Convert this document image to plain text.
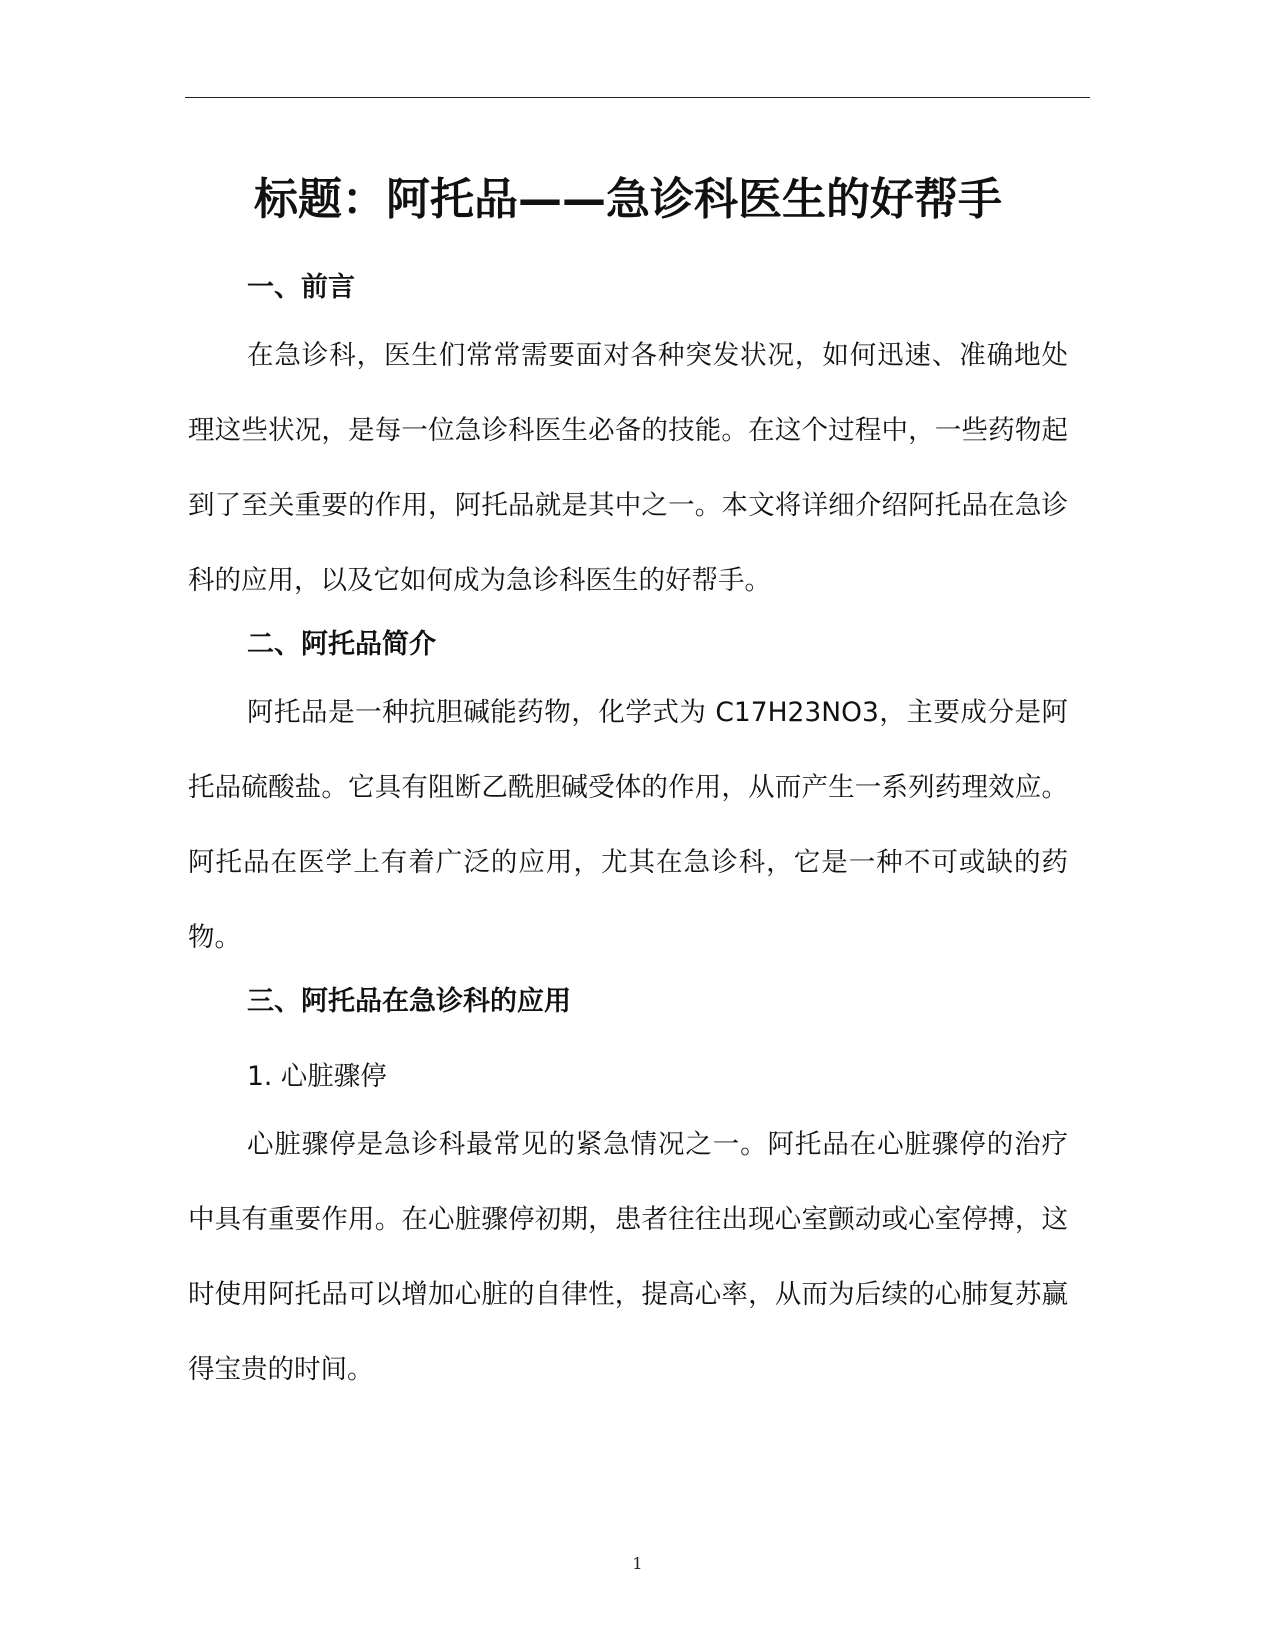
标题：阿托品——急诊科医生的好帮手
一、前言

在急诊科，医生们常常需要面对各种突发状况，如何迅速、准确地处理这些状况，是每一位急诊科医生必备的技能。在这个过程中，一些药物起到了至关重要的作用，阿托品就是其中之一。本文将详细介绍阿托品在急诊科的应用，以及它如何成为急诊科医生的好帮手。

二、阿托品简介

阿托品是一种抗胆碱能药物，化学式为 C17H23NO3，主要成分是阿托品硫酸盐。它具有阻断乙酰胆碱受体的作用，从而产生一系列药理效应。阿托品在医学上有着广泛的应用，尤其在急诊科，它是一种不可或缺的药物。

三、阿托品在急诊科的应用
1. 心脏骤停

心脏骤停是急诊科最常见的紧急情况之一。阿托品在心脏骤停的治疗中具有重要作用。在心脏骤停初期，患者往往出现心室颤动或心室停搏，这时使用阿托品可以增加心脏的自律性，提高心率，从而为后续的心肺复苏赢得宝贵的时间。

1
